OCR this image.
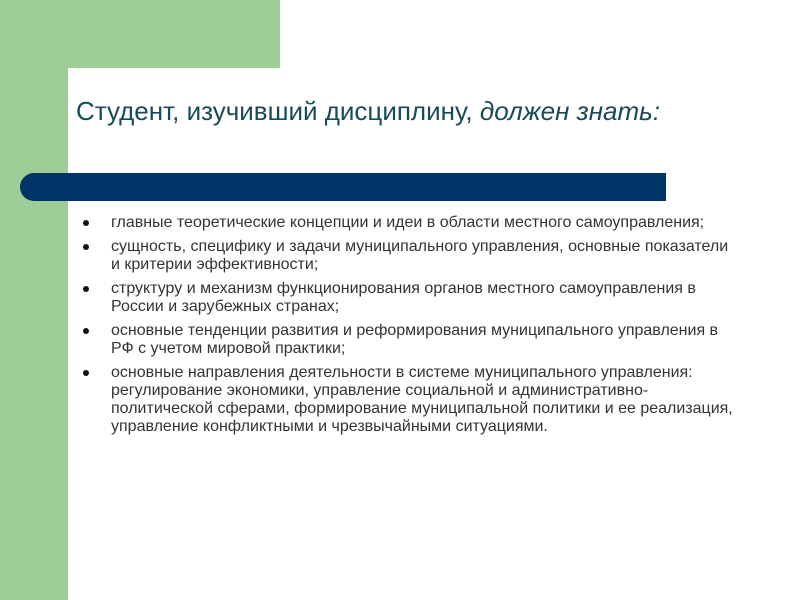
Студент, изучивший дисциплину, должен знать:
главные теоретические концепции и идеи в области местного самоуправления;
сущность, специфику и задачи муниципального управления, основные показатели и критерии эффективности;
структуру и механизм функционирования органов местного самоуправления в России и зарубежных странах;
основные тенденции развития и реформирования муниципального управления в РФ с учетом мировой практики;
основные направления деятельности в системе муниципального управления: регулирование экономики, управление социальной и административно-политической сферами, формирование муниципальной политики и ее реализация, управление конфликтными и чрезвычайными ситуациями.
